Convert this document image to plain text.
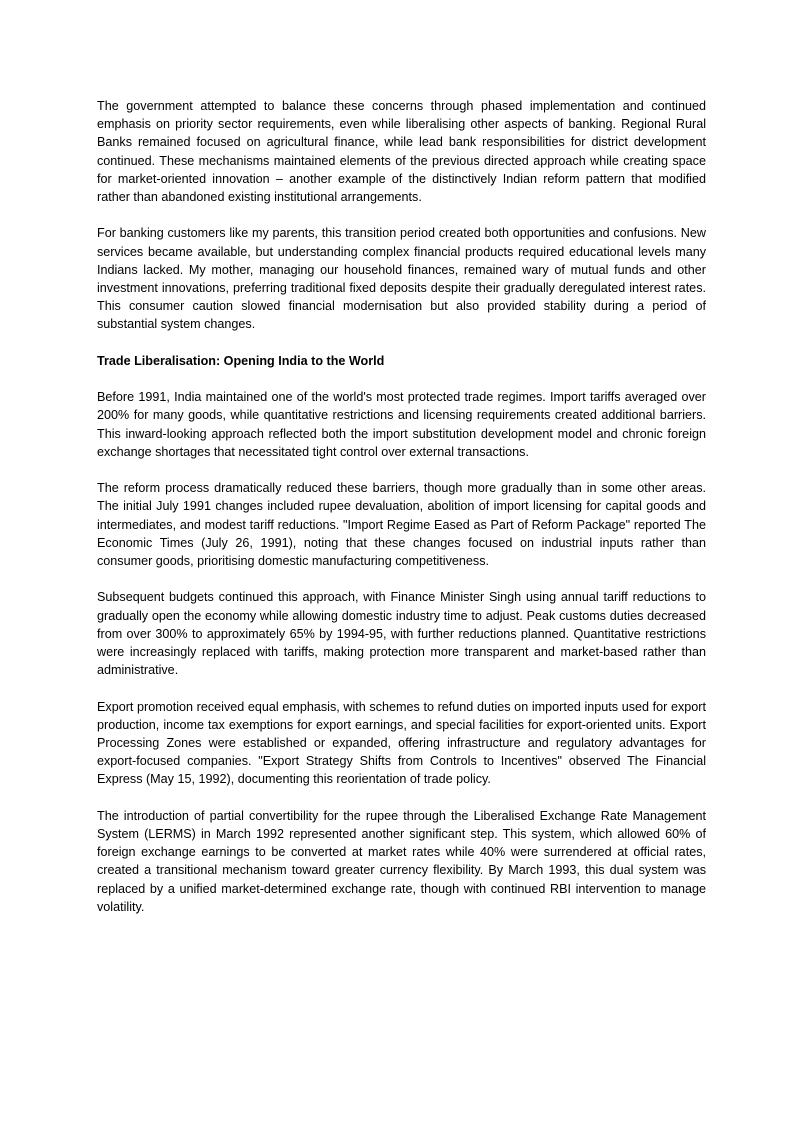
The government attempted to balance these concerns through phased implementation and continued emphasis on priority sector requirements, even while liberalising other aspects of banking. Regional Rural Banks remained focused on agricultural finance, while lead bank responsibilities for district development continued. These mechanisms maintained elements of the previous directed approach while creating space for market-oriented innovation – another example of the distinctively Indian reform pattern that modified rather than abandoned existing institutional arrangements.

For banking customers like my parents, this transition period created both opportunities and confusions. New services became available, but understanding complex financial products required educational levels many Indians lacked. My mother, managing our household finances, remained wary of mutual funds and other investment innovations, preferring traditional fixed deposits despite their gradually deregulated interest rates. This consumer caution slowed financial modernisation but also provided stability during a period of substantial system changes.

Trade Liberalisation: Opening India to the World

Before 1991, India maintained one of the world's most protected trade regimes. Import tariffs averaged over 200% for many goods, while quantitative restrictions and licensing requirements created additional barriers. This inward-looking approach reflected both the import substitution development model and chronic foreign exchange shortages that necessitated tight control over external transactions.

The reform process dramatically reduced these barriers, though more gradually than in some other areas. The initial July 1991 changes included rupee devaluation, abolition of import licensing for capital goods and intermediates, and modest tariff reductions. "Import Regime Eased as Part of Reform Package" reported The Economic Times (July 26, 1991), noting that these changes focused on industrial inputs rather than consumer goods, prioritising domestic manufacturing competitiveness.

Subsequent budgets continued this approach, with Finance Minister Singh using annual tariff reductions to gradually open the economy while allowing domestic industry time to adjust. Peak customs duties decreased from over 300% to approximately 65% by 1994-95, with further reductions planned. Quantitative restrictions were increasingly replaced with tariffs, making protection more transparent and market-based rather than administrative.

Export promotion received equal emphasis, with schemes to refund duties on imported inputs used for export production, income tax exemptions for export earnings, and special facilities for export-oriented units. Export Processing Zones were established or expanded, offering infrastructure and regulatory advantages for export-focused companies. "Export Strategy Shifts from Controls to Incentives" observed The Financial Express (May 15, 1992), documenting this reorientation of trade policy.

The introduction of partial convertibility for the rupee through the Liberalised Exchange Rate Management System (LERMS) in March 1992 represented another significant step. This system, which allowed 60% of foreign exchange earnings to be converted at market rates while 40% were surrendered at official rates, created a transitional mechanism toward greater currency flexibility. By March 1993, this dual system was replaced by a unified market-determined exchange rate, though with continued RBI intervention to manage volatility.
